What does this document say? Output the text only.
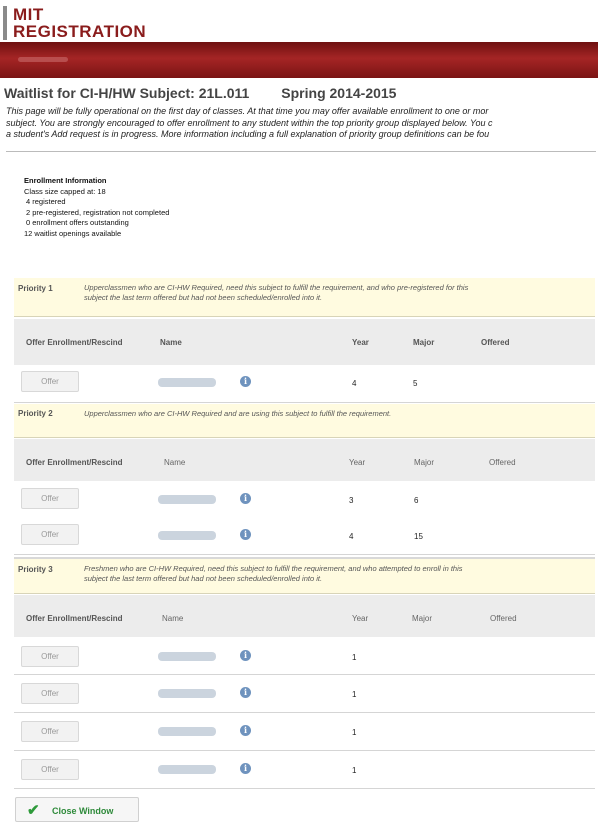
MIT
REGISTRATION
Waitlist for CI-H/HW Subject: 21L.011 Spring 2014-2015
This page will be fully operational on the first day of classes. At that time you may offer available enrollment to one or mor
subject. You are strongly encouraged to offer enrollment to any student within the top priority group displayed below. You c
a student's Add request is in progress. More information including a full explanation of priority group definitions can be fou
Enrollment Information
Class size capped at: 18
4 registered
2 pre-registered, registration not completed
0 enrollment offers outstanding
12 waitlist openings available
Priority 1	Upperclassmen who are CI-HW Required, need this subject to fulfill the requirement, and who pre-registered for this
subject the last term offered but had not been scheduled/enrolled into it.
Offer Enrollment/Rescind	Name	Year	Major	Offered
Offer	i	4	5
Priority 2	Upperclassmen who are CI-HW Required and are using this subject to fulfill the requirement.
Offer Enrollment/Rescind	Name	Year	Major	Offered
Offer	i	3	6
Offer	i	4	15
Priority 3	Freshmen who are CI-HW Required, need this subject to fulfill the requirement, and who attempted to enroll in this
subject the last term offered but had not been scheduled/enrolled into it.
Offer Enrollment/Rescind	Name	Year	Major	Offered
Offer	i	1
Offer	i	1
Offer	i	1
Offer	i	1
✔ Close Window
